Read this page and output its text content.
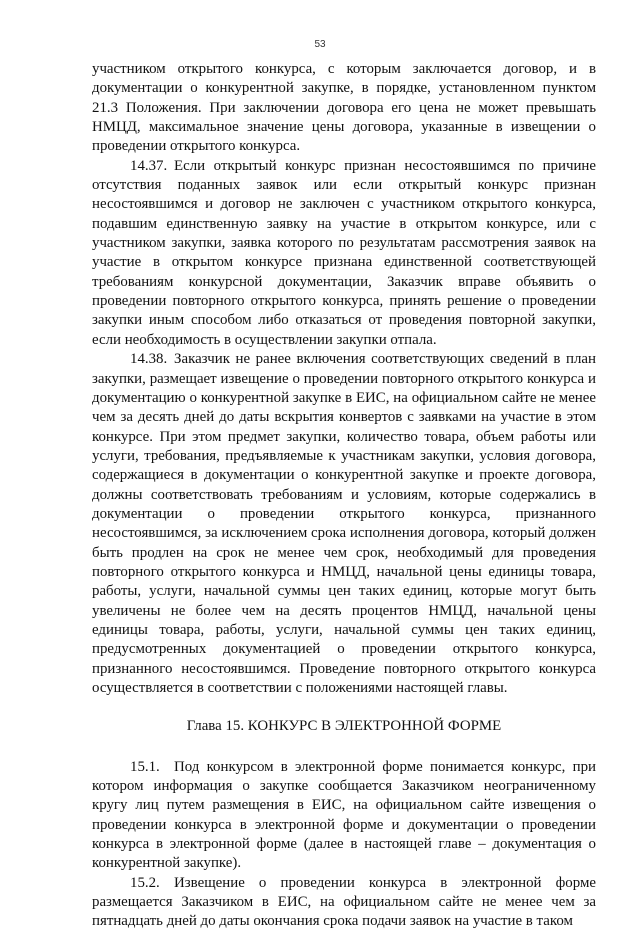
53

участником открытого конкурса, с которым заключается договор, и в документации о конкурентной закупке, в порядке, установленном пунктом 21.3 Положения. При заключении договора его цена не может превышать НМЦД, максимальное значение цены договора, указанные в извещении о проведении открытого конкурса.

14.37. Если открытый конкурс признан несостоявшимся по причине отсутствия поданных заявок или если открытый конкурс признан несостоявшимся и договор не заключен с участником открытого конкурса, подавшим единственную заявку на участие в открытом конкурсе, или с участником закупки, заявка которого по результатам рассмотрения заявок на участие в открытом конкурсе признана единственной соответствующей требованиям конкурсной документации, Заказчик вправе объявить о проведении повторного открытого конкурса, принять решение о проведении закупки иным способом либо отказаться от проведения повторной закупки, если необходимость в осуществлении закупки отпала.

14.38. Заказчик не ранее включения соответствующих сведений в план закупки, размещает извещение о проведении повторного открытого конкурса и документацию о конкурентной закупке в ЕИС, на официальном сайте не менее чем за десять дней до даты вскрытия конвертов с заявками на участие в этом конкурсе. При этом предмет закупки, количество товара, объем работы или услуги, требования, предъявляемые к участникам закупки, условия договора, содержащиеся в документации о конкурентной закупке и проекте договора, должны соответствовать требованиям и условиям, которые содержались в документации о проведении открытого конкурса, признанного несостоявшимся, за исключением срока исполнения договора, который должен быть продлен на срок не менее чем срок, необходимый для проведения повторного открытого конкурса и НМЦД, начальной цены единицы товара, работы, услуги, начальной суммы цен таких единиц, которые могут быть увеличены не более чем на десять процентов НМЦД, начальной цены единицы товара, работы, услуги, начальной суммы цен таких единиц, предусмотренных документацией о проведении открытого конкурса, признанного несостоявшимся. Проведение повторного открытого конкурса осуществляется в соответствии с положениями настоящей главы.

Глава 15. КОНКУРС В ЭЛЕКТРОННОЙ ФОРМЕ

15.1. Под конкурсом в электронной форме понимается конкурс, при котором информация о закупке сообщается Заказчиком неограниченному кругу лиц путем размещения в ЕИС, на официальном сайте извещения о проведении конкурса в электронной форме и документации о проведении конкурса в электронной форме (далее в настоящей главе – документация о конкурентной закупке).

15.2. Извещение о проведении конкурса в электронной форме размещается Заказчиком в ЕИС, на официальном сайте не менее чем за пятнадцать дней до даты окончания срока подачи заявок на участие в таком
